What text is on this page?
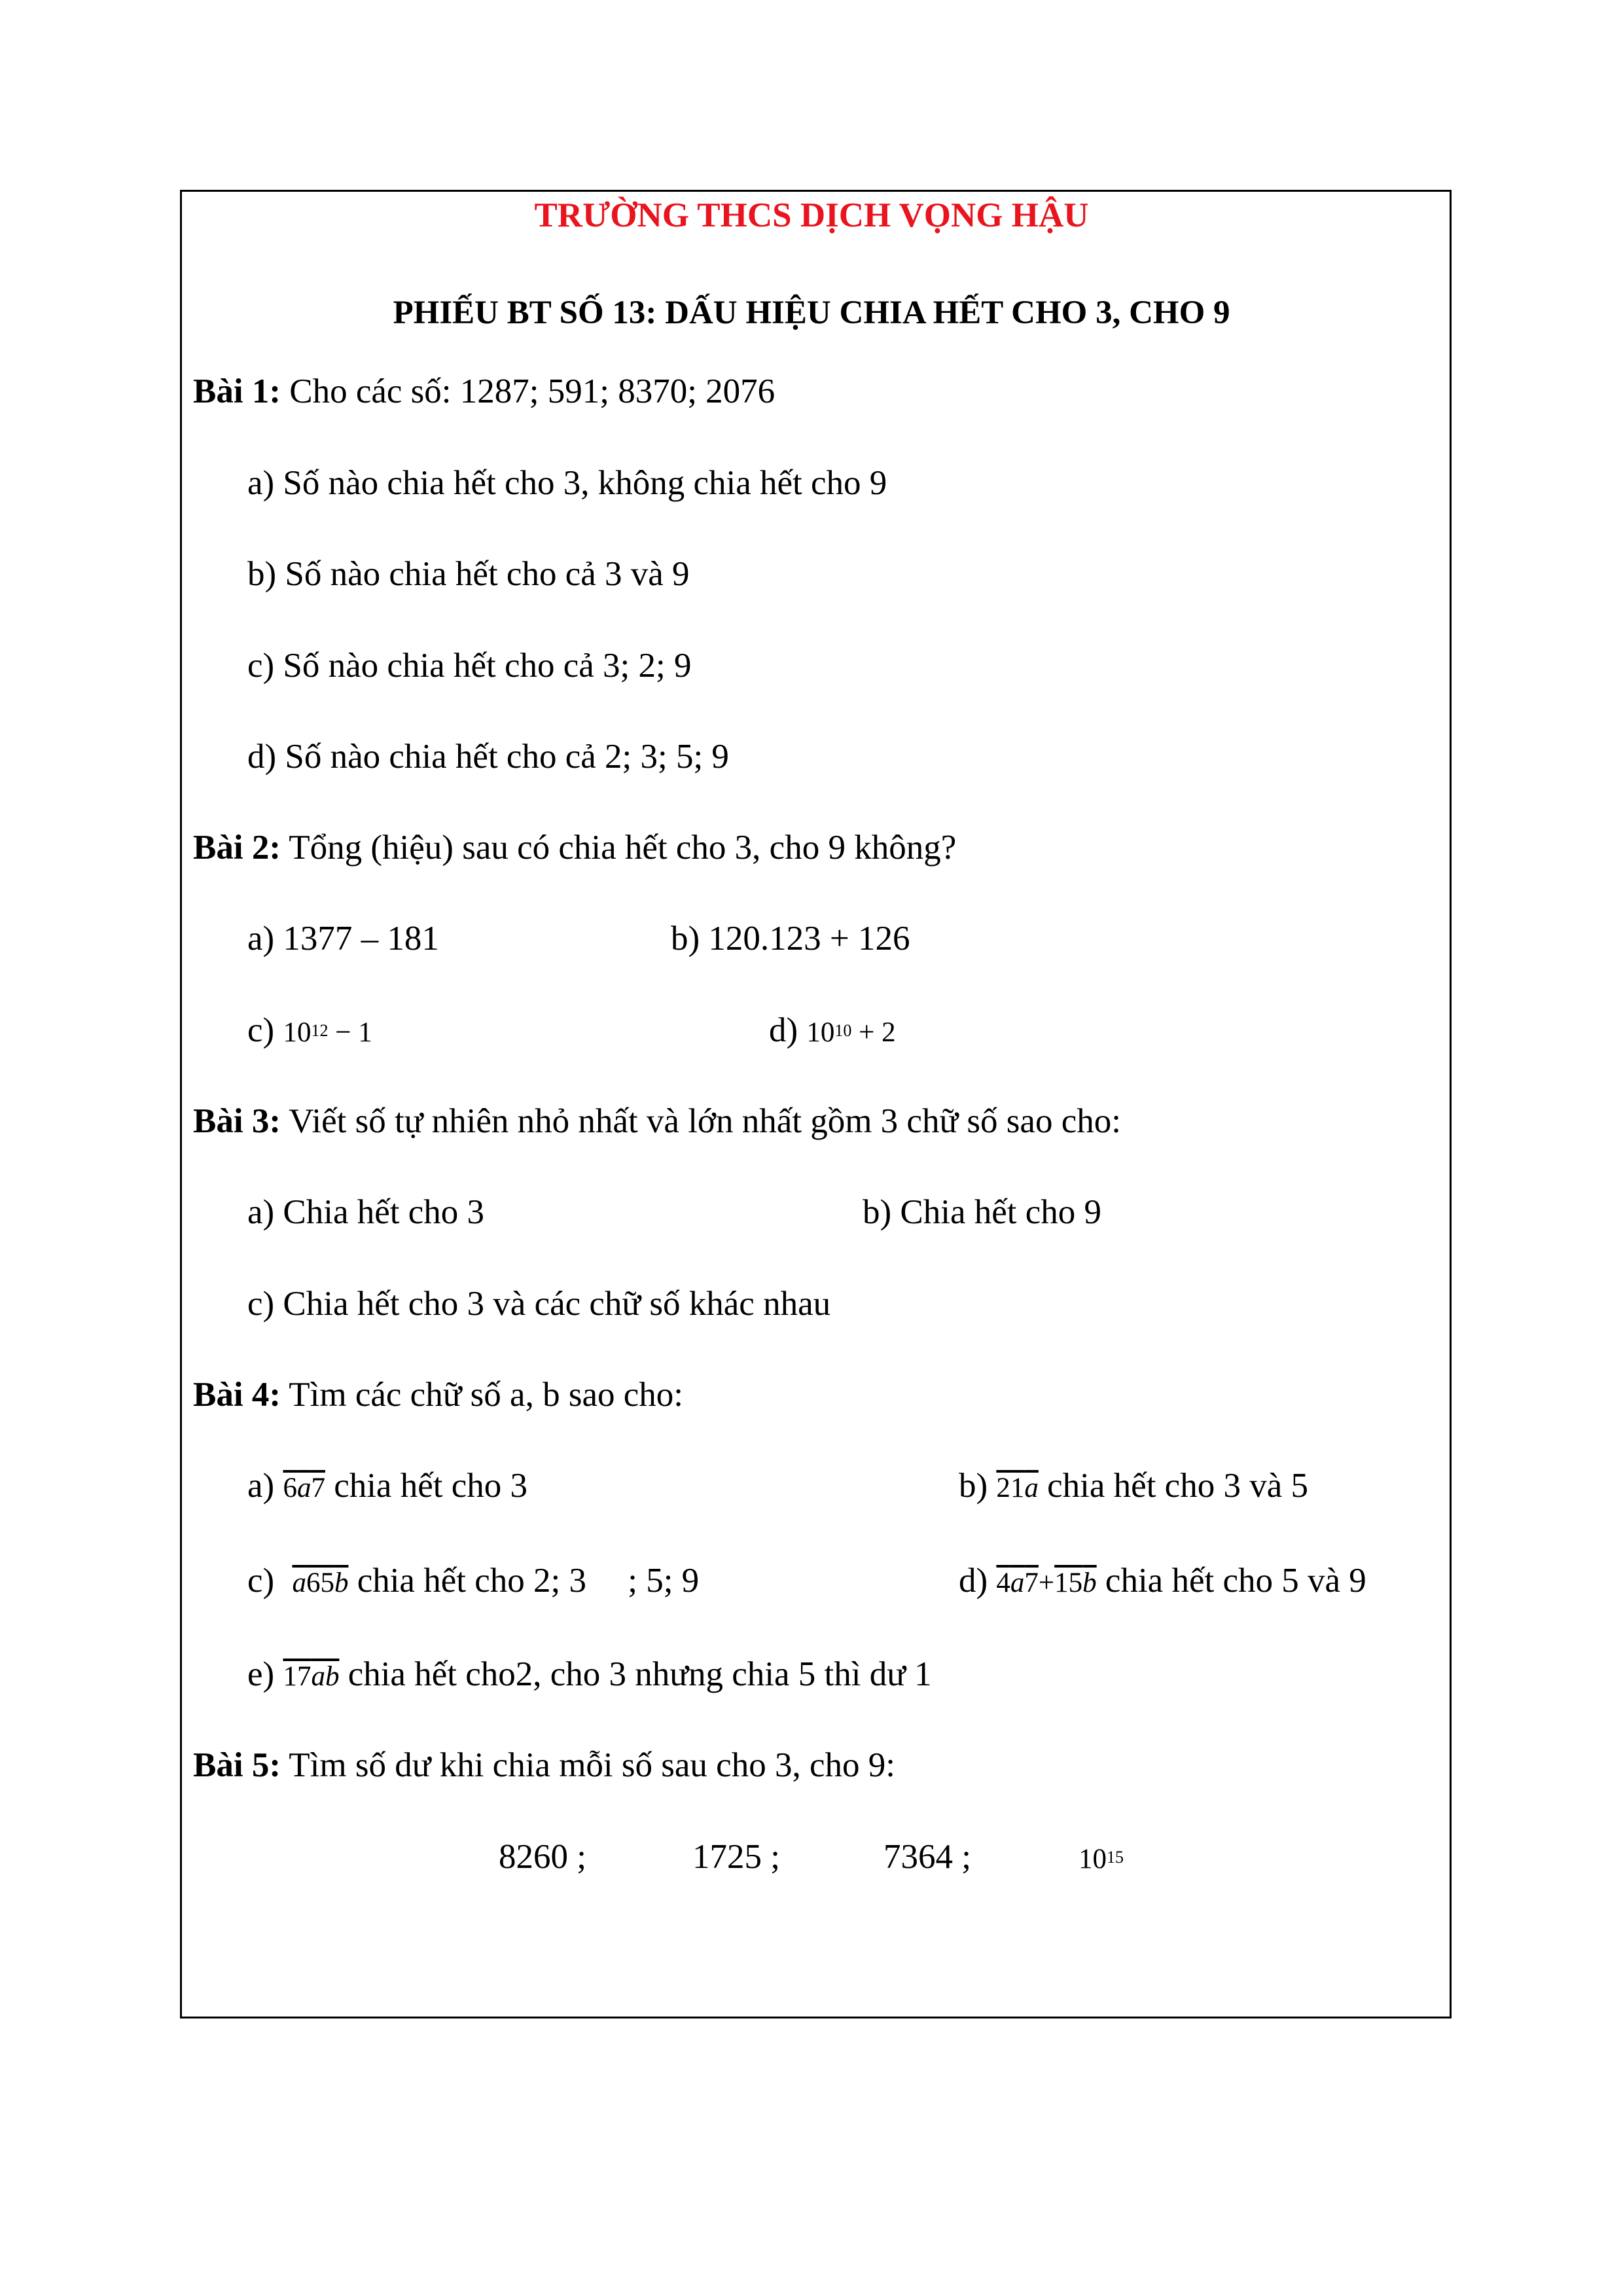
TRƯỜNG THCS DỊCH VỌNG HẬU
PHIẾU BT SỐ 13: DẤU HIỆU CHIA HẾT CHO 3, CHO 9
Bài 1: Cho các số: 1287; 591; 8370; 2076
a) Số nào chia hết cho 3, không chia hết cho 9
b) Số nào chia hết cho cả 3 và 9
c) Số nào chia hết cho cả 3; 2; 9
d) Số nào chia hết cho cả 2; 3; 5; 9
Bài 2: Tổng (hiệu) sau có chia hết cho 3, cho 9 không?
a) 1377 – 181	b) 120.123 + 126
c) $10^{12} - 1$	d) $10^{10} + 2$
Bài 3: Viết số tự nhiên nhỏ nhất và lớn nhất gồm 3 chữ số sao cho:
a) Chia hết cho 3	b) Chia hết cho 9
c) Chia hết cho 3 và các chữ số khác nhau
Bài 4: Tìm các chữ số a, b sao cho:
a) 6a7 chia hết cho 3	b) 21a chia hết cho 3 và 5
c) a65b chia hết cho 2; 3 ; 5; 9	d) 4a7+15b chia hết cho 5 và 9
e) 17ab chia hết cho2, cho 3 nhưng chia 5 thì dư 1
Bài 5: Tìm số dư khi chia mỗi số sau cho 3, cho 9:
8260 ;	1725 ;	7364 ;	$10^{15}$
